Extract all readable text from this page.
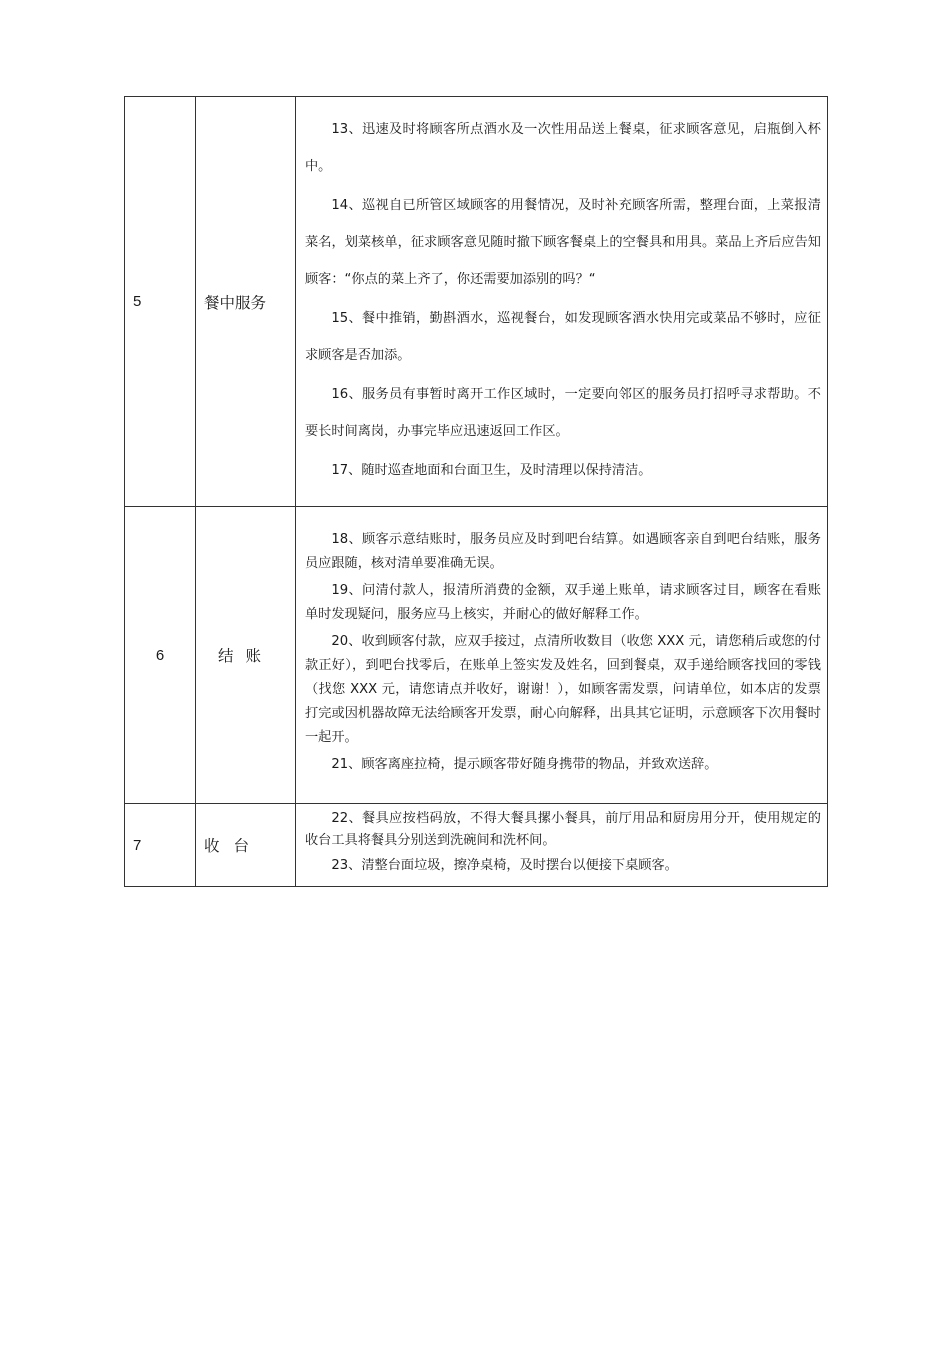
5	餐中服务	13、迅速及时将顾客所点酒水及一次性用品送上餐桌，征求顾客意见，启瓶倒入杯中。

14、巡视自已所管区域顾客的用餐情况，及时补充顾客所需，整理台面，上菜报清菜名，划菜核单，征求顾客意见随时撤下顾客餐桌上的空餐具和用具。菜品上齐后应告知顾客：“你点的菜上齐了，你还需要加添别的吗？“

15、餐中推销，勤斟酒水，巡视餐台，如发现顾客酒水快用完或菜品不够时，应征求顾客是否加添。

16、服务员有事暂时离开工作区域时，一定要向邻区的服务员打招呼寻求帮助。不要长时间离岗，办事完毕应迅速返回工作区。

17、随时巡查地面和台面卫生，及时清理以保持清洁。

6	结账	18、顾客示意结账时，服务员应及时到吧台结算。如遇顾客亲自到吧台结账，服务员应跟随，核对清单要准确无误。

19、问清付款人，报清所消费的金额，双手递上账单，请求顾客过目，顾客在看账单时发现疑问，服务应马上核实，并耐心的做好解释工作。

20、收到顾客付款，应双手接过，点清所收数目（收您 XXX 元，请您稍后或您的付款正好），到吧台找零后，在账单上签实发及姓名，回到餐桌，双手递给顾客找回的零钱（找您 XXX 元，请您请点并收好，谢谢！），如顾客需发票，问请单位，如本店的发票打完或因机器故障无法给顾客开发票，耐心向解释，出具其它证明，示意顾客下次用餐时一起开。

21、顾客离座拉椅，提示顾客带好随身携带的物品，并致欢送辞。

7	收台	22、餐具应按档码放，不得大餐具摞小餐具，前厅用品和厨房用分开，使用规定的收台工具将餐具分别送到洗碗间和洗杯间。

23、清整台面垃圾，擦净桌椅，及时摆台以便接下桌顾客。
